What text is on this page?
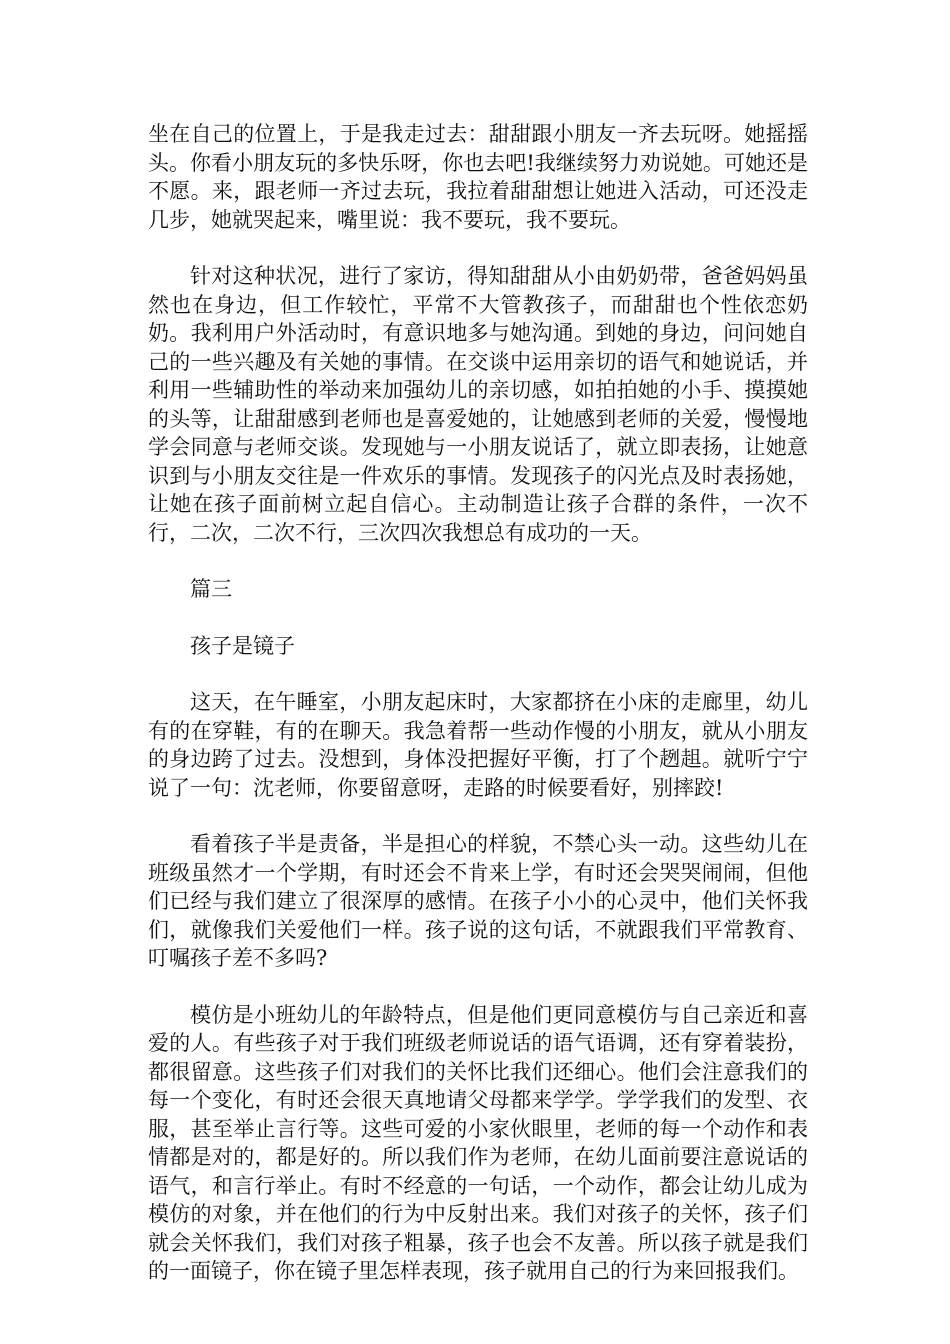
坐在自己的位置上，于是我走过去：甜甜跟小朋友一齐去玩呀。她摇摇头。你看小朋友玩的多快乐呀，你也去吧!我继续努力劝说她。可她还是不愿。来，跟老师一齐过去玩，我拉着甜甜想让她进入活动，可还没走几步，她就哭起来，嘴里说：我不要玩，我不要玩。

针对这种状况，进行了家访，得知甜甜从小由奶奶带，爸爸妈妈虽然也在身边，但工作较忙，平常不大管教孩子，而甜甜也个性依恋奶奶。我利用户外活动时，有意识地多与她沟通。到她的身边，问问她自己的一些兴趣及有关她的事情。在交谈中运用亲切的语气和她说话，并利用一些辅助性的举动来加强幼儿的亲切感，如拍拍她的小手、摸摸她的头等，让甜甜感到老师也是喜爱她的，让她感到老师的关爱，慢慢地学会同意与老师交谈。发现她与一小朋友说话了，就立即表扬，让她意识到与小朋友交往是一件欢乐的事情。发现孩子的闪光点及时表扬她，让她在孩子面前树立起自信心。主动制造让孩子合群的条件，一次不行，二次，二次不行，三次四次我想总有成功的一天。

篇三

孩子是镜子

这天，在午睡室，小朋友起床时，大家都挤在小床的走廊里，幼儿有的在穿鞋，有的在聊天。我急着帮一些动作慢的小朋友，就从小朋友的身边跨了过去。没想到，身体没把握好平衡，打了个趔趄。就听宁宁说了一句：沈老师，你要留意呀，走路的时候要看好，别摔跤!

看着孩子半是责备，半是担心的样貌，不禁心头一动。这些幼儿在班级虽然才一个学期，有时还会不肯来上学，有时还会哭哭闹闹，但他们已经与我们建立了很深厚的感情。在孩子小小的心灵中，他们关怀我们，就像我们关爱他们一样。孩子说的这句话，不就跟我们平常教育、叮嘱孩子差不多吗?

模仿是小班幼儿的年龄特点，但是他们更同意模仿与自己亲近和喜爱的人。有些孩子对于我们班级老师说话的语气语调，还有穿着装扮，都很留意。这些孩子们对我们的关怀比我们还细心。他们会注意我们的每一个变化，有时还会很天真地请父母都来学学。学学我们的发型、衣服，甚至举止言行等。这些可爱的小家伙眼里，老师的每一个动作和表情都是对的，都是好的。所以我们作为老师，在幼儿面前要注意说话的语气，和言行举止。有时不经意的一句话，一个动作，都会让幼儿成为模仿的对象，并在他们的行为中反射出来。我们对孩子的关怀，孩子们就会关怀我们，我们对孩子粗暴，孩子也会不友善。所以孩子就是我们的一面镜子，你在镜子里怎样表现，孩子就用自己的行为来回报我们。
